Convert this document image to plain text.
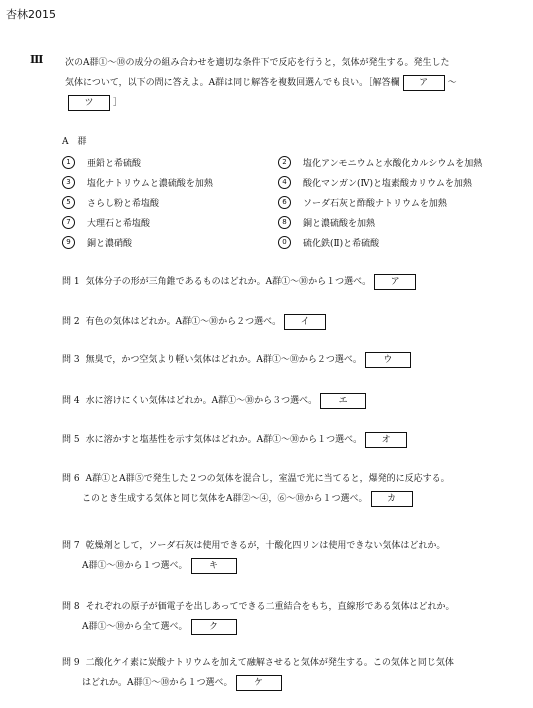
杏林2015
Ⅲ 次のA群①～⑩の成分の組み合わせを適切な条件下で反応を行うと，気体が発生する。発生した
気体について，以下の問に答えよ。A群は同じ解答を複数回選んでも良い。［解答欄 ア ～
ツ ］
A　群
1	亜鉛と希硫酸	2	塩化アンモニウムと水酸化カルシウムを加熱
3	塩化ナトリウムと濃硫酸を加熱	4	酸化マンガン(Ⅳ)と塩素酸カリウムを加熱
5	さらし粉と希塩酸	6	ソーダ石灰と酢酸ナトリウムを加熱
7	大理石と希塩酸	8	銅と濃硫酸を加熱
9	銅と濃硝酸	0	硫化鉄(Ⅱ)と希硫酸
問 1 気体分子の形が三角錐であるものはどれか。A群①～⑩から１つ選べ。 ア
問 2 有色の気体はどれか。A群①～⑩から２つ選べ。 イ
問 3 無臭で，かつ空気より軽い気体はどれか。A群①～⑩から２つ選べ。 ウ
問 4 水に溶けにくい気体はどれか。A群①～⑩から３つ選べ。 エ
問 5 水に溶かすと塩基性を示す気体はどれか。A群①～⑩から１つ選べ。 オ
問 6 A群①とA群⑤で発生した２つの気体を混合し，室温で光に当てると，爆発的に反応する。
このとき生成する気体と同じ気体をA群②～④，⑥～⑩から１つ選べ。 カ
問 7 乾燥剤として，ソーダ石灰は使用できるが，十酸化四リンは使用できない気体はどれか。
A群①～⑩から１つ選べ。 キ
問 8 それぞれの原子が価電子を出しあってできる二重結合をもち，直線形である気体はどれか。
A群①～⑩から全て選べ。 ク
問 9 二酸化ケイ素に炭酸ナトリウムを加えて融解させると気体が発生する。この気体と同じ気体
はどれか。A群①～⑩から１つ選べ。 ケ
